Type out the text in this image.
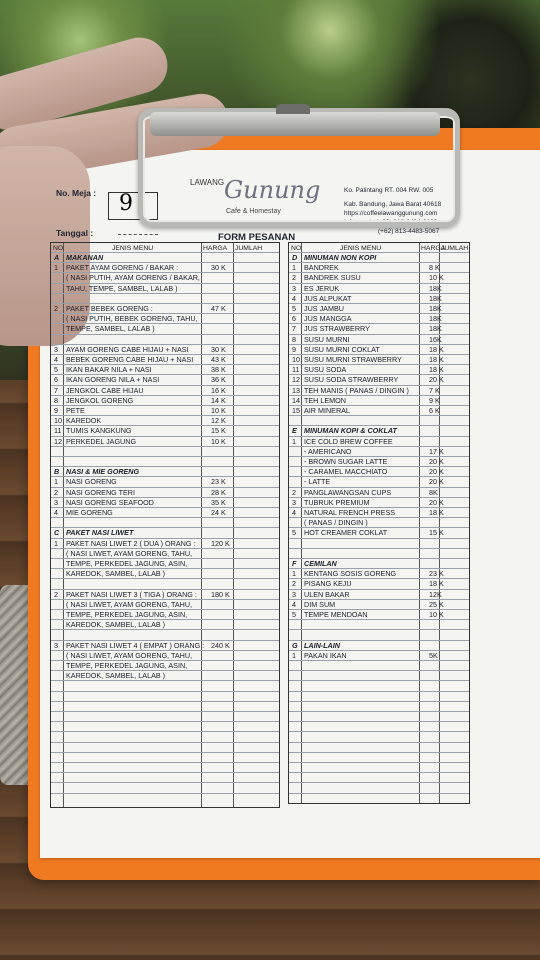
No. Meja : 9
Tanggal :
LAWANG Gunung
Cafe & Homestay
Ko. Palintang RT. 004 RW. 005
Kab. Bandung, Jawa Barat 40618
https://coffeelawanggunung.com
Informasi : (+62) 813-9494-3896
(+62) 813-4483-5067
FORM PESANAN
NO	JENIS MENU	HARGA JUMLAH
A MAKANAN
1 PAKET AYAM GORENG / BAKAR :	30 K
( NASI PUTIH, AYAM GORENG / BAKAR,
TAHU, TEMPE, SAMBEL, LALAB )
2 PAKET BEBEK GORENG :	47 K
( NASI PUTIH, BEBEK GORENG, TAHU,
TEMPE, SAMBEL, LALAB )
3 AYAM GORENG CABE HIJAU + NASI	30 K
4 BEBEK GORENG CABE HIJAU + NASI 43 K
5 IKAN BAKAR NILA + NASI	38 K
6 IKAN GORENG NILA + NASI	36 K
7 JENGKOL CABE HIJAU	16 K
8 JENGKOL GORENG	14 K
9 PETE	10 K
10 KAREDOK	12 K
11 TUMIS KANGKUNG	15 K
12 PERKEDEL JAGUNG	10 K
B NASI & MIE GORENG
1 NASI GORENG	23 K
2 NASI GORENG TERI	28 K
3 NASI GORENG SEAFOOD	35 K
4 MIE GORENG	24 K
C PAKET NASI LIWET
1 PAKET NASI LIWET 2 ( DUA ) ORANG : 120 K
( NASI LIWET, AYAM GORENG, TAHU,
TEMPE, PERKEDEL JAGUNG, ASIN,
KAREDOK, SAMBEL, LALAB )
2 PAKET NASI LIWET 3 ( TIGA ) ORANG : 180 K
( NASI LIWET, AYAM GORENG, TAHU,
TEMPE, PERKEDEL JAGUNG, ASIN,
KAREDOK, SAMBEL, LALAB )
3 PAKET NASI LIWET 4 ( EMPAT ) ORANG : 240 K
( NASI LIWET, AYAM GORENG, TAHU,
TEMPE, PERKEDEL JAGUNG, ASIN,
KAREDOK, SAMBEL, LALAB )
NO	JENIS MENU	HARGA
JUMLAH
D MINUMAN NON KOPI
1 BANDREK	8 K
2 BANDREK SUSU	10 K
3 ES JERUK	18K
4 JUS ALPUKAT	18K
5 JUS JAMBU	18K
6 JUS MANGGA	18K
7 JUS STRAWBERRY	18K
8 SUSU MURNI	16K
9 SUSU MURNI COKLAT	18 K
10 SUSU MURNI STRAWBERRY	18 K
11 SUSU SODA	18 K
12 SUSU SODA STRAWBERRY	20 K
13 TEH MANIS ( PANAS / DINGIN )	7 K
14 TEH LEMON	9 K
15 AIR MINERAL	6 K
E MINUMAN KOPI & COKLAT
1 ICE COLD BREW COFFEE
- AMERICANO	17 K
- BROWN SUGAR LATTE	20 K
- CARAMEL MACCHIATO	20 K
- LATTE	20 K
2 PANGLAWANGSAN CUPS	8K
3 TUBRUK PREMIUM	20 K
4 NATURAL FRENCH PRESS	18 K
( PANAS / DINGIN )
5 HOT CREAMER COKLAT	15 K
F CEMILAN
1 KENTANG SOSIS GORENG	23 K
2 PISANG KEJU	18 K
3 ULEN BAKAR	12K
4 DIM SUM	25 K
5 TEMPE MENDOAN	10 K
G LAIN-LAIN
1 PAKAN IKAN	5K
